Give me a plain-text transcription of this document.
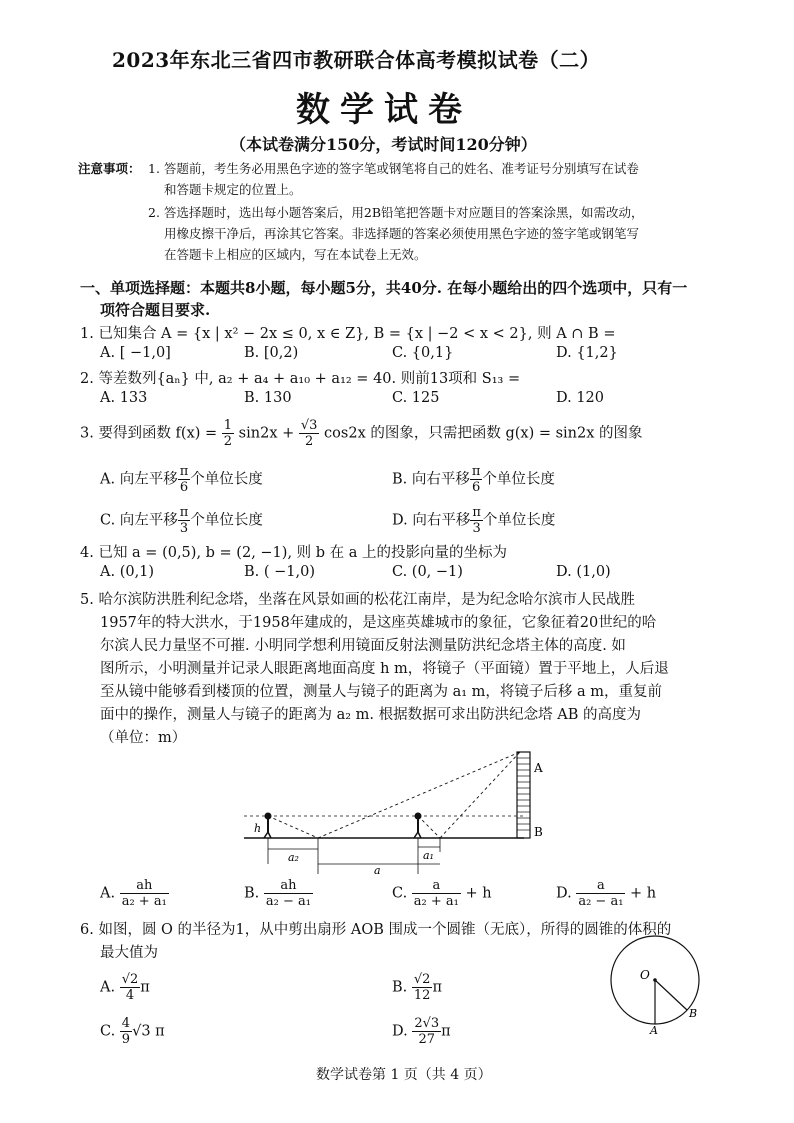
2023年东北三省四市教研联合体高考模拟试卷（二）
数学试卷
（本试卷满分150分，考试时间120分钟）
注意事项： 1. 答题前，考生务必用黑色字迹的签字笔或钢笔将自己的姓名、准考证号分别填写在试卷
和答题卡规定的位置上。
2. 答选择题时，选出每小题答案后，用2B铅笔把答题卡对应题目的答案涂黑，如需改动，
用橡皮擦干净后，再涂其它答案。非选择题的答案必须使用黑色字迹的签字笔或钢笔写
在答题卡上相应的区域内，写在本试卷上无效。
一、单项选择题：本题共8小题，每小题5分，共40分. 在每小题给出的四个选项中，只有一
项符合题目要求.
1. 已知集合 A = {x | x² − 2x ≤ 0, x ∈ Z}, B = {x | −2 < x < 2}, 则 A ∩ B =
A. [ −1,0]	B. [0,2)	C. {0,1}	D. {1,2}
2. 等差数列{aₙ} 中, a₂ + a₄ + a₁₀ + a₁₂ = 40. 则前13项和 S₁₃ =
A. 133	B. 130	C. 125	D. 120
3. 要得到函数 $f(x) = \frac{1}{2} \sin 2x + \frac{√3}{2} \cos 2x$ 的图象，只需把函数 g(x) = sin2x 的图象
A. 向左平移 $\frac{\pi}{6}$ 个单位长度	B. 向右平移 $\frac{\pi}{6}$ 个单位长度
C. 向左平移 $\frac{\pi}{3}$ 个单位长度	D. 向右平移 $\frac{\pi}{3}$ 个单位长度
4. 已知 a = (0,5), b = (2, −1), 则 b 在 a 上的投影向量的坐标为
A. (0,1)	B. ( −1,0)	C. (0, −1)	D. (1,0)
5. 哈尔滨防洪胜利纪念塔，坐落在风景如画的松花江南岸，是为纪念哈尔滨市人民战胜
1957年的特大洪水，于1958年建成的，是这座英雄城市的象征，它象征着20世纪的哈
尔滨人民力量坚不可摧. 小明同学想利用镜面反射法测量防洪纪念塔主体的高度. 如
图所示，小明测量并记录人眼距离地面高度 h m，将镜子（平面镜）置于平地上，人后退
至从镜中能够看到楼顶的位置，测量人与镜子的距离为 a₁ m，将镜子后移 a m，重复前
面中的操作，测量人与镜子的距离为 a₂ m. 根据数据可求出防洪纪念塔 AB 的高度为
（单位：m）
A
B
h
a₂	a₁
a
A. $\frac{ah}{\text{a₂ + a₁}}$	B. $\frac{ah}{\text{a₂ − a₁}}$	C. $\frac{a}{\text{a₂ + a₁}} + h$	D. $\frac{a}{\text{a₂ − a₁}} + h$
6. 如图，圆 O 的半径为1，从中剪出扇形 AOB 围成一个圆锥（无底），所得的圆锥的体积的
最大值为
A. $\frac{√2}{4}$ π	B. $\frac{√2}{12}$ π
C. $\frac{4}{9} √3$ π	D. $\frac{2√3}{27}$ π
O
A
B
数学试卷第 1 页（共 4 页）
